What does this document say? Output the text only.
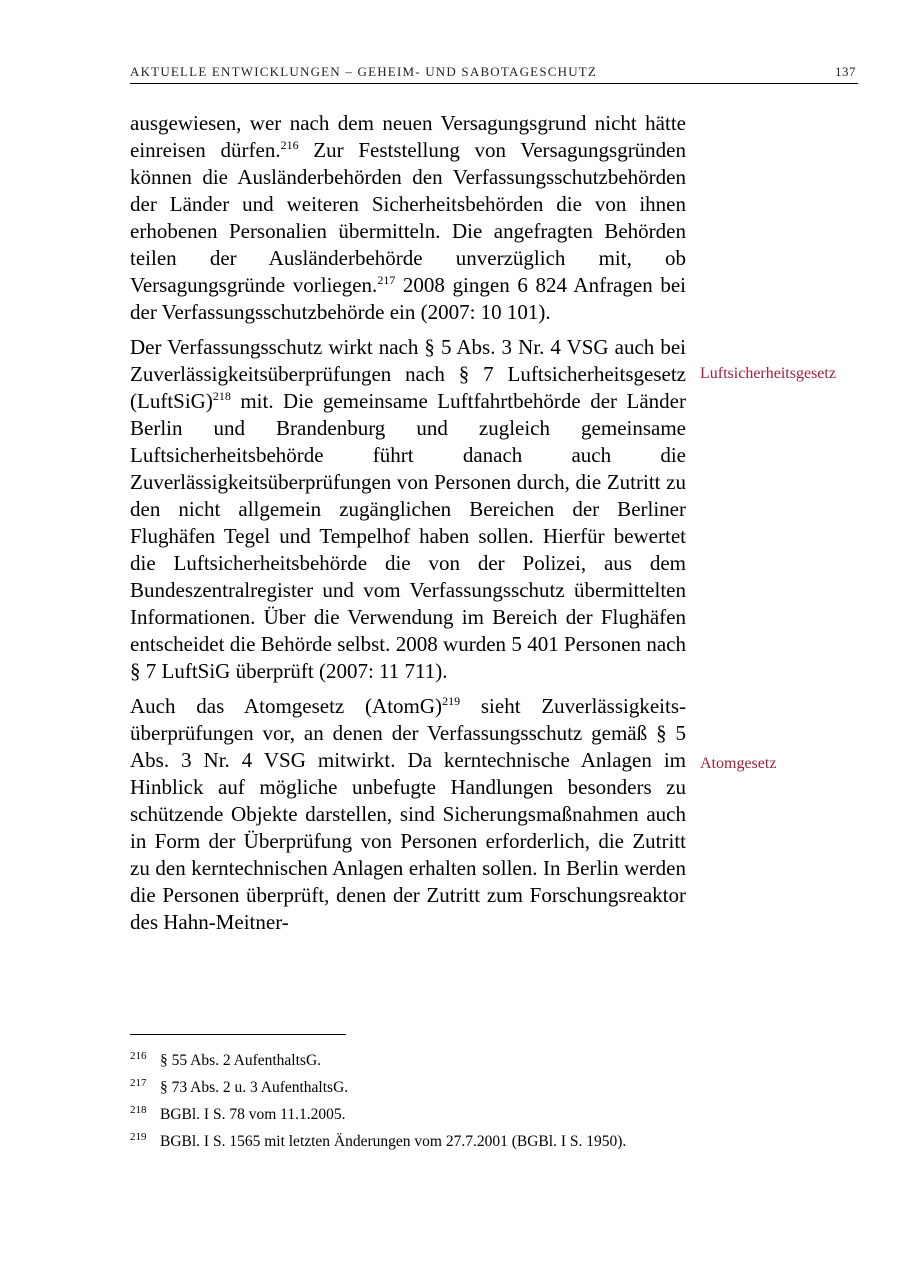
AKTUELLE ENTWICKLUNGEN – GEHEIM- UND SABOTAGESCHUTZ	137

ausgewiesen, wer nach dem neuen Versagungsgrund nicht hätte einreisen dürfen.$^{216}$ Zur Feststellung von Versagungsgründen können die Ausländerbehörden den Verfassungsschutzbehörden der Länder und weiteren Sicherheitsbehörden die von ihnen erhobenen Personalien übermitteln. Die angefragten Behörden teilen der Ausländerbehörde unverzüglich mit, ob Versagungsgründe vorliegen.$^{217}$ 2008 gingen 6 824 Anfragen bei der Verfassungsschutzbehörde ein (2007: 10 101).

Der Verfassungsschutz wirkt nach § 5 Abs. 3 Nr. 4 VSG auch bei Zuverlässigkeitsüberprüfungen nach § 7 Luftsicherheitsgesetz (LuftSiG)$^{218}$ mit. Die gemeinsame Luftfahrtbehörde der Länder Berlin und Brandenburg und zugleich gemeinsame Luftsicherheitsbehörde führt danach auch die Zuverlässigkeitsüberprüfungen von Personen durch, die Zutritt zu den nicht allgemein zugänglichen Bereichen der Berliner Flughäfen Tegel und Tempelhof haben sollen. Hierfür bewertet die Luftsicherheitsbehörde die von der Polizei, aus dem Bundeszentralregister und vom Verfassungsschutz übermittelten Informationen. Über die Verwendung im Bereich der Flughäfen entscheidet die Behörde selbst. 2008 wurden 5 401 Personen nach § 7 LuftSiG überprüft (2007: 11 711).

Auch das Atomgesetz (AtomG)$^{219}$ sieht Zuverlässigkeitsüberprüfungen vor, an denen der Verfassungsschutz gemäß § 5 Abs. 3 Nr. 4 VSG mitwirkt. Da kerntechnische Anlagen im Hinblick auf mögliche unbefugte Handlungen besonders zu schützende Objekte darstellen, sind Sicherungsmaßnahmen auch in Form der Überprüfung von Personen erforderlich, die Zutritt zu den kerntechnischen Anlagen erhalten sollen. In Berlin werden die Personen überprüft, denen der Zutritt zum Forschungsreaktor des Hahn-Meitner-

Luftsicherheitsgesetz
Atomgesetz
216 § 55 Abs. 2 AufenthaltsG.
217 § 73 Abs. 2 u. 3 AufenthaltsG.
218 BGBl. I S. 78 vom 11.1.2005.
219 BGBl. I S. 1565 mit letzten Änderungen vom 27.7.2001 (BGBl. I S. 1950).
